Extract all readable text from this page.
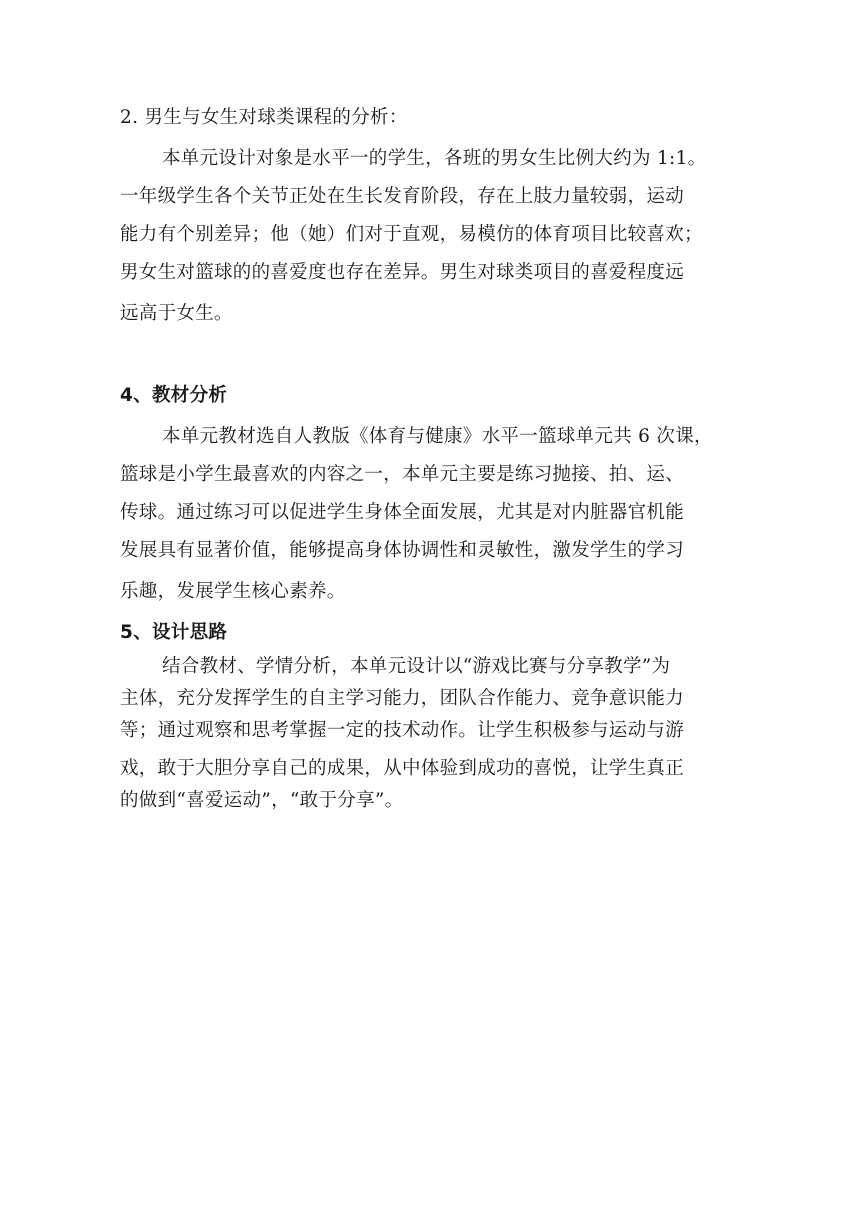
2. 男生与女生对球类课程的分析：
本单元设计对象是水平一的学生，各班的男女生比例大约为 1:1。
一年级学生各个关节正处在生长发育阶段，存在上肢力量较弱，运动
能力有个别差异；他（她）们对于直观，易模仿的体育项目比较喜欢；
男女生对篮球的的喜爱度也存在差异。男生对球类项目的喜爱程度远
远高于女生。
4、教材分析
本单元教材选自人教版《体育与健康》水平一篮球单元共 6 次课，
篮球是小学生最喜欢的内容之一，本单元主要是练习抛接、拍、运、
传球。通过练习可以促进学生身体全面发展，尤其是对内脏器官机能
发展具有显著价值，能够提高身体协调性和灵敏性，激发学生的学习
乐趣，发展学生核心素养。
5、设计思路
结合教材、学情分析，本单元设计以“游戏比赛与分享教学”为
主体，充分发挥学生的自主学习能力，团队合作能力、竞争意识能力
等；通过观察和思考掌握一定的技术动作。让学生积极参与运动与游
戏，敢于大胆分享自己的成果，从中体验到成功的喜悦，让学生真正
的做到“喜爱运动”，“敢于分享”。
